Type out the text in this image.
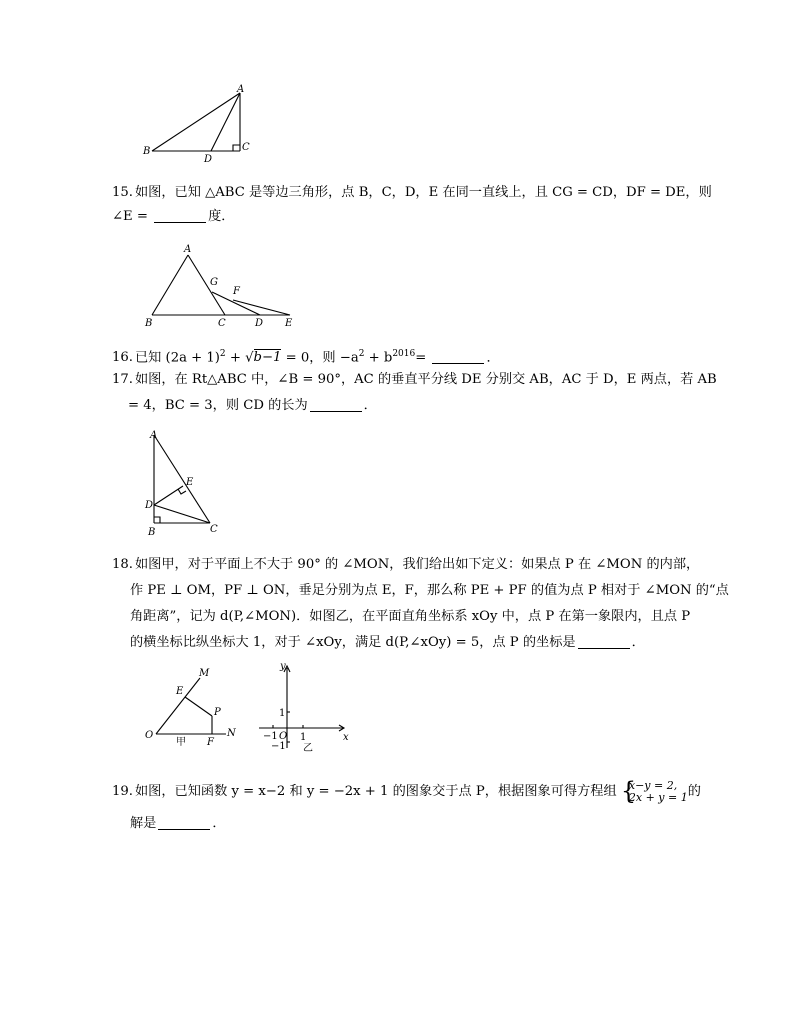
A
B
D
C
15. 如图，已知 △ABC 是等边三角形，点 B，C，D，E 在同一直线上，且 CG = CD，DF = DE，则
∠E =	度．
A
G
F
B	C	D E
16. 已知 $(2a + 1)^2 + √b-1 = 0$，则 $-a^2 + b^{2016}=$	．
17. 如图，在 Rt△ABC 中，∠B = 90°，AC 的垂直平分线 DE 分别交 AB，AC 于 D，E 两点，若 AB
= 4，BC = 3，则 CD 的长为	．
A
E
D
B	C
18. 如图甲，对于平面上不大于 90° 的 ∠MON，我们给出如下定义：如果点 P 在 ∠MON 的内部，
作 PE ⊥ OM，PF ⊥ ON，垂足分别为点 E，F，那么称 PE + PF 的值为点 P 相对于 ∠MON 的“点
角距离”，记为 d(P,∠MON)．如图乙，在平面直角坐标系 xOy 中，点 P 在第一象限内，且点 P
的横坐标比纵坐标大 1，对于 ∠xOy，满足 d(P,∠xOy) = 5，点 P 的坐标是	．
M
E
P
O
甲 F
N
y
1
−1 O 1	x
−1 乙
19. 如图，已知函数 y = x−2 和 y = −2x + 1 的图象交于点 P，根据图象可得方程组 {
x−y = 2,
2x + y = 1 的
解是	．
